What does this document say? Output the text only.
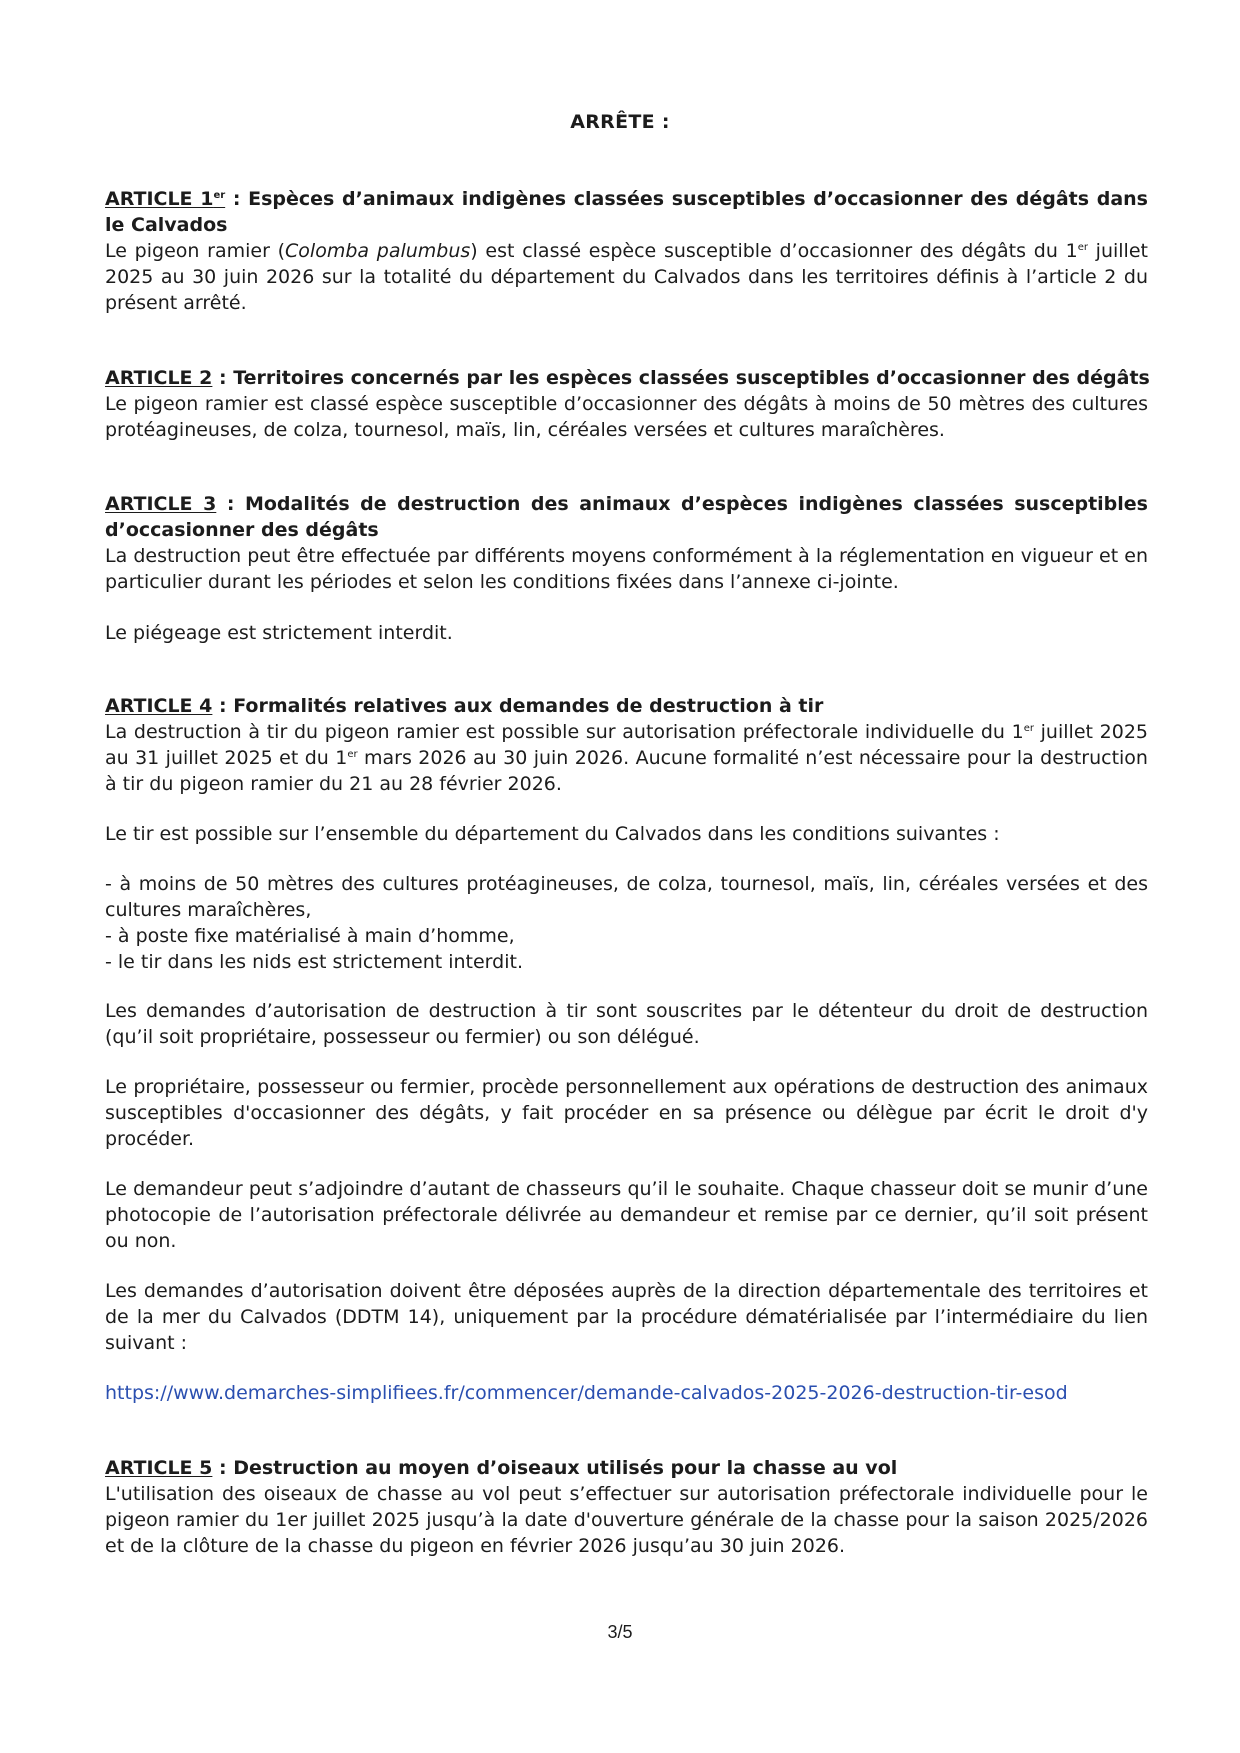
ARRÊTE :
ARTICLE 1er : Espèces d’animaux indigènes classées susceptibles d’occasionner des dégâts dans le Calvados
Le pigeon ramier (Colomba palumbus) est classé espèce susceptible d’occasionner des dégâts du 1er juillet 2025 au 30 juin 2026 sur la totalité du département du Calvados dans les territoires définis à l’article 2 du présent arrêté.
ARTICLE 2 : Territoires concernés par les espèces classées susceptibles d’occasionner des dégâts
Le pigeon ramier est classé espèce susceptible d’occasionner des dégâts à moins de 50 mètres des cultures protéagineuses, de colza, tournesol, maïs, lin, céréales versées et cultures maraîchères.
ARTICLE 3 : Modalités de destruction des animaux d’espèces indigènes classées susceptibles d’occasionner des dégâts
La destruction peut être effectuée par différents moyens conformément à la réglementation en vigueur et en particulier durant les périodes et selon les conditions fixées dans l’annexe ci-jointe.
Le piégeage est strictement interdit.
ARTICLE 4 : Formalités relatives aux demandes de destruction à tir
La destruction à tir du pigeon ramier est possible sur autorisation préfectorale individuelle du 1er juillet 2025 au 31 juillet 2025 et du 1er mars 2026 au 30 juin 2026. Aucune formalité n’est nécessaire pour la destruction à tir du pigeon ramier du 21 au 28 février 2026.
Le tir est possible sur l’ensemble du département du Calvados dans les conditions suivantes :
- à moins de 50 mètres des cultures protéagineuses, de colza, tournesol, maïs, lin, céréales versées et des cultures maraîchères,
- à poste fixe matérialisé à main d’homme,
- le tir dans les nids est strictement interdit.
Les demandes d’autorisation de destruction à tir sont souscrites par le détenteur du droit de destruction (qu’il soit propriétaire, possesseur ou fermier) ou son délégué.
Le propriétaire, possesseur ou fermier, procède personnellement aux opérations de destruction des animaux susceptibles d'occasionner des dégâts, y fait procéder en sa présence ou délègue par écrit le droit d'y procéder.
Le demandeur peut s’adjoindre d’autant de chasseurs qu’il le souhaite. Chaque chasseur doit se munir d’une photocopie de l’autorisation préfectorale délivrée au demandeur et remise par ce dernier, qu’il soit présent ou non.
Les demandes d’autorisation doivent être déposées auprès de la direction départementale des territoires et de la mer du Calvados (DDTM 14), uniquement par la procédure dématérialisée par l’intermédiaire du lien suivant :
https://www.demarches-simplifiees.fr/commencer/demande-calvados-2025-2026-destruction-tir-esod
ARTICLE 5 : Destruction au moyen d’oiseaux utilisés pour la chasse au vol
L'utilisation des oiseaux de chasse au vol peut s’effectuer sur autorisation préfectorale individuelle pour le pigeon ramier du 1er juillet 2025 jusqu’à la date d'ouverture générale de la chasse pour la saison 2025/2026 et de la clôture de la chasse du pigeon en février 2026 jusqu’au 30 juin 2026.
3/5
